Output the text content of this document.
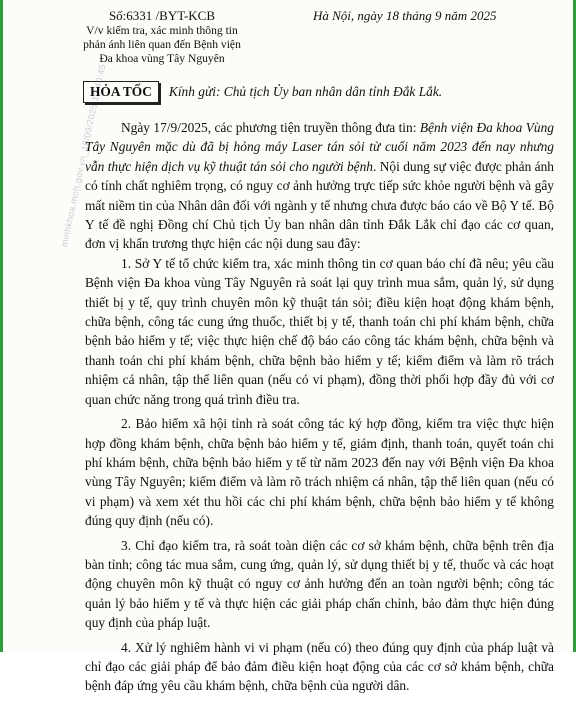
minhkhoa.moh.gov.vn_18/09/2025 13:40:45
Số:6331 /BYT-KCB
V/v kiểm tra, xác minh thông tin
phản ánh liên quan đến Bệnh viện
Đa khoa vùng Tây Nguyên
Hà Nội, ngày 18 tháng 9 năm 2025
HỎA TỐC	Kính gửi: Chủ tịch Ủy ban nhân dân tỉnh Đắk Lắk.

Ngày 17/9/2025, các phương tiện truyền thông đưa tin: Bệnh viện Đa khoa Vùng Tây Nguyên mặc dù đã bị hỏng máy Laser tán sỏi từ cuối năm 2023 đến nay nhưng vẫn thực hiện dịch vụ kỹ thuật tán sỏi cho người bệnh. Nội dung sự việc được phản ánh có tính chất nghiêm trọng, có nguy cơ ảnh hưởng trực tiếp sức khỏe người bệnh và gây mất niềm tin của Nhân dân đối với ngành y tế nhưng chưa được báo cáo về Bộ Y tế. Bộ Y tế đề nghị Đồng chí Chủ tịch Ủy ban nhân dân tỉnh Đắk Lắk chỉ đạo các cơ quan, đơn vị khẩn trương thực hiện các nội dung sau đây:

1. Sở Y tế tổ chức kiểm tra, xác minh thông tin cơ quan báo chí đã nêu; yêu cầu Bệnh viện Đa khoa vùng Tây Nguyên rà soát lại quy trình mua sắm, quản lý, sử dụng thiết bị y tế, quy trình chuyên môn kỹ thuật tán sỏi; điều kiện hoạt động khám bệnh, chữa bệnh, công tác cung ứng thuốc, thiết bị y tế, thanh toán chi phí khám bệnh, chữa bệnh bảo hiểm y tế; việc thực hiện chế độ báo cáo công tác khám bệnh, chữa bệnh và thanh toán chi phí khám bệnh, chữa bệnh bảo hiểm y tế; kiểm điểm và làm rõ trách nhiệm cá nhân, tập thể liên quan (nếu có vi phạm), đồng thời phối hợp đầy đủ với cơ quan chức năng trong quá trình điều tra.

2. Bảo hiểm xã hội tỉnh rà soát công tác ký hợp đồng, kiểm tra việc thực hiện hợp đồng khám bệnh, chữa bệnh bảo hiểm y tế, giám định, thanh toán, quyết toán chi phí khám bệnh, chữa bệnh bảo hiểm y tế từ năm 2023 đến nay với Bệnh viện Đa khoa vùng Tây Nguyên; kiểm điểm và làm rõ trách nhiệm cá nhân, tập thể liên quan (nếu có vi phạm) và xem xét thu hồi các chi phí khám bệnh, chữa bệnh bảo hiểm y tế không đúng quy định (nếu có).

3. Chỉ đạo kiểm tra, rà soát toàn diện các cơ sở khám bệnh, chữa bệnh trên địa bàn tỉnh; công tác mua sắm, cung ứng, quản lý, sử dụng thiết bị y tế, thuốc và các hoạt động chuyên môn kỹ thuật có nguy cơ ảnh hưởng đến an toàn người bệnh; công tác quản lý bảo hiểm y tế và thực hiện các giải pháp chấn chỉnh, bảo đảm thực hiện đúng quy định của pháp luật.

4. Xử lý nghiêm hành vi vi phạm (nếu có) theo đúng quy định của pháp luật và chỉ đạo các giải pháp để bảo đảm điều kiện hoạt động của các cơ sở khám bệnh, chữa bệnh đáp ứng yêu cầu khám bệnh, chữa bệnh của người dân.
